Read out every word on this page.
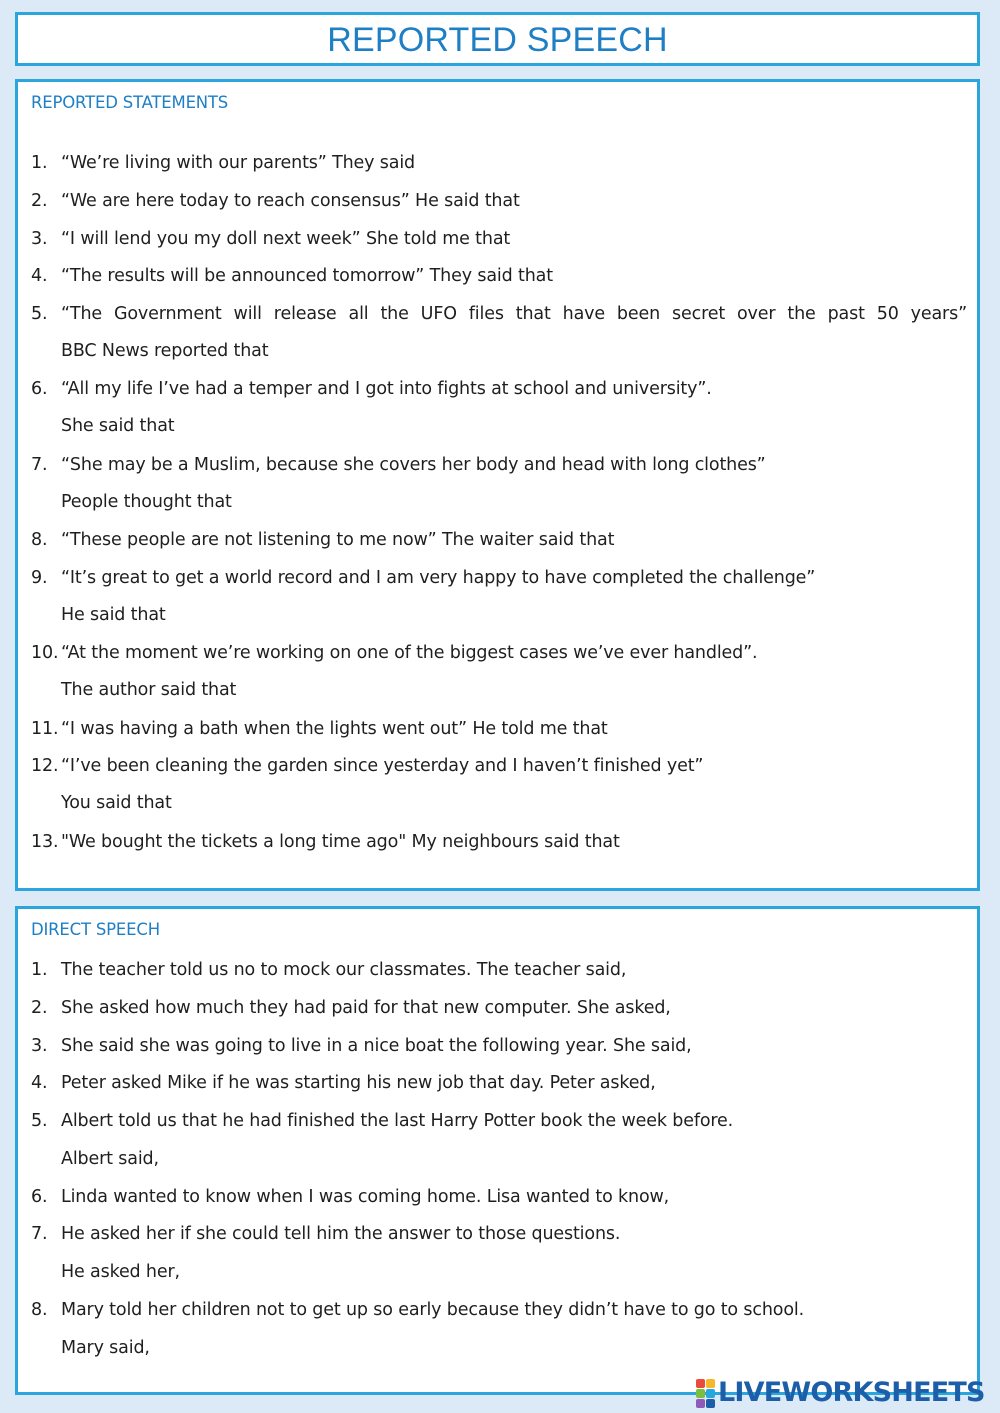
REPORTED SPEECH
REPORTED STATEMENTS
1. “We’re living with our parents” They said
2. “We are here today to reach consensus” He said that
3. “I will lend you my doll next week” She told me that
4. “The results will be announced tomorrow” They said that
5. “The Government will release all the UFO files that have been secret over the past 50 years”
BBC News reported that
6. “All my life I’ve had a temper and I got into fights at school and university”.
She said that
7. “She may be a Muslim, because she covers her body and head with long clothes”
People thought that
8. “These people are not listening to me now” The waiter said that
9. “It’s great to get a world record and I am very happy to have completed the challenge”
He said that
10. “At the moment we’re working on one of the biggest cases we’ve ever handled”.
The author said that
11. “I was having a bath when the lights went out” He told me that
12. “I’ve been cleaning the garden since yesterday and I haven’t finished yet”
You said that
13. "We bought the tickets a long time ago" My neighbours said that
DIRECT SPEECH
1. The teacher told us no to mock our classmates. The teacher said,
2. She asked how much they had paid for that new computer. She asked,
3. She said she was going to live in a nice boat the following year. She said,
4. Peter asked Mike if he was starting his new job that day. Peter asked,
5. Albert told us that he had finished the last Harry Potter book the week before.
Albert said,
6. Linda wanted to know when I was coming home. Lisa wanted to know,
7. He asked her if she could tell him the answer to those questions.
He asked her,
8. Mary told her children not to get up so early because they didn’t have to go to school.
Mary said,
LIVEWORKSHEETS
